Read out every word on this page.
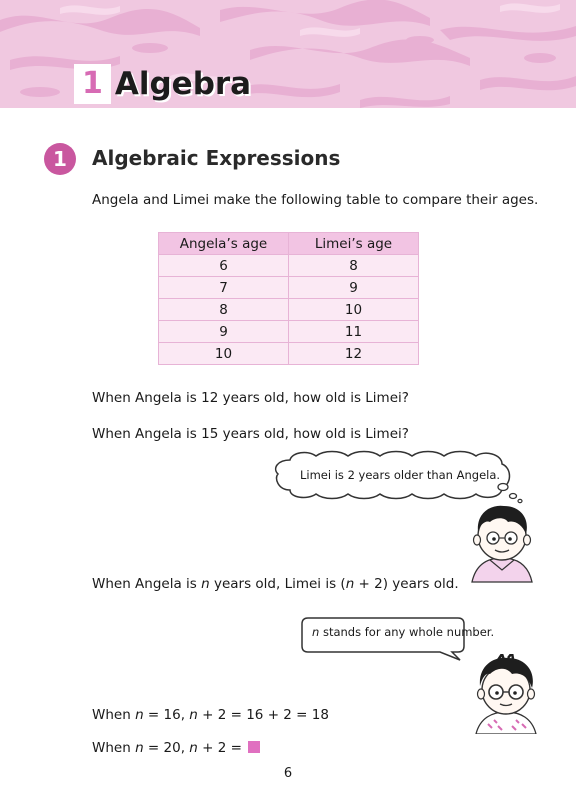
1 Algebra
1	Algebraic Expressions
Angela and Limei make the following table to compare their ages.
Angela’s age	Limei’s age
6	8
7	9
8	10
9	11
10	12
When Angela is 12 years old, how old is Limei?
When Angela is 15 years old, how old is Limei?
Limei is 2 years older than Angela.
When Angela is n years old, Limei is (n + 2) years old.
n stands for any whole number.
When n = 16, n + 2 = 16 + 2 = 18
When n = 20, n + 2 =
6
